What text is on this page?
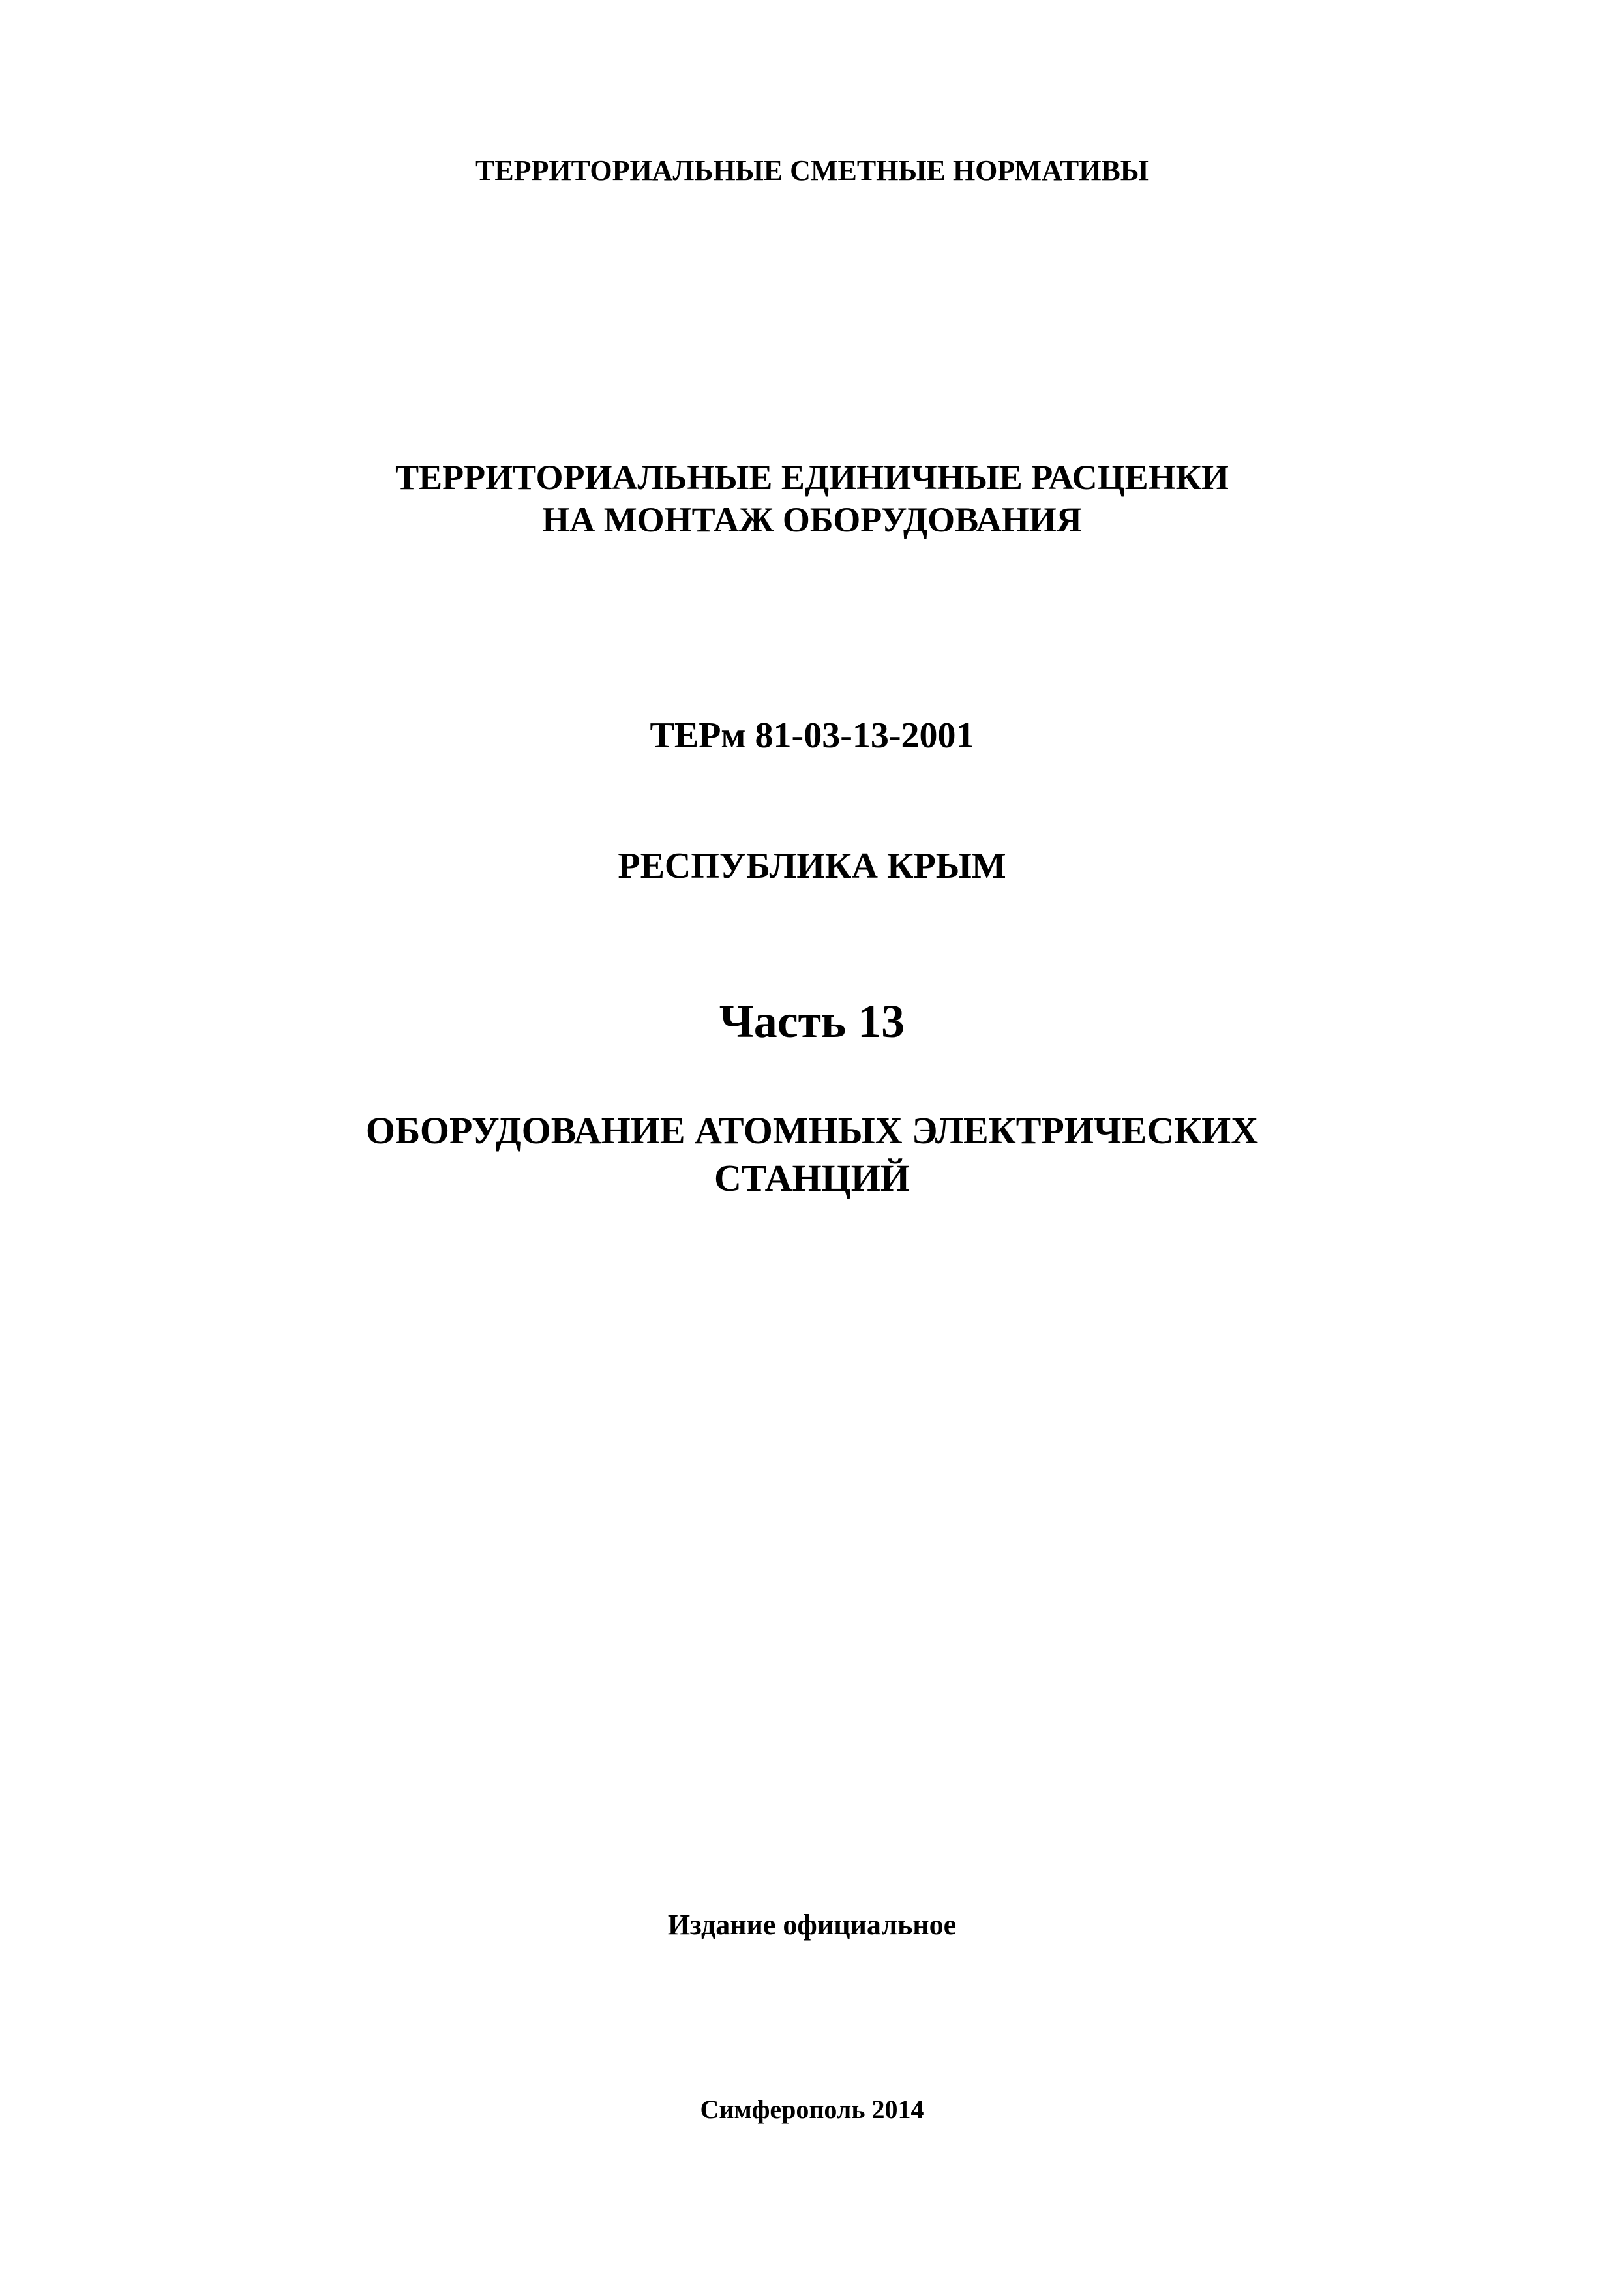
ТЕРРИТОРИАЛЬНЫЕ СМЕТНЫЕ НОРМАТИВЫ
ТЕРРИТОРИАЛЬНЫЕ ЕДИНИЧНЫЕ РАСЦЕНКИ
НА МОНТАЖ ОБОРУДОВАНИЯ
ТЕРм 81-03-13-2001
РЕСПУБЛИКА КРЫМ
Часть 13
ОБОРУДОВАНИЕ АТОМНЫХ ЭЛЕКТРИЧЕСКИХ
СТАНЦИЙ
Издание официальное
Симферополь 2014
